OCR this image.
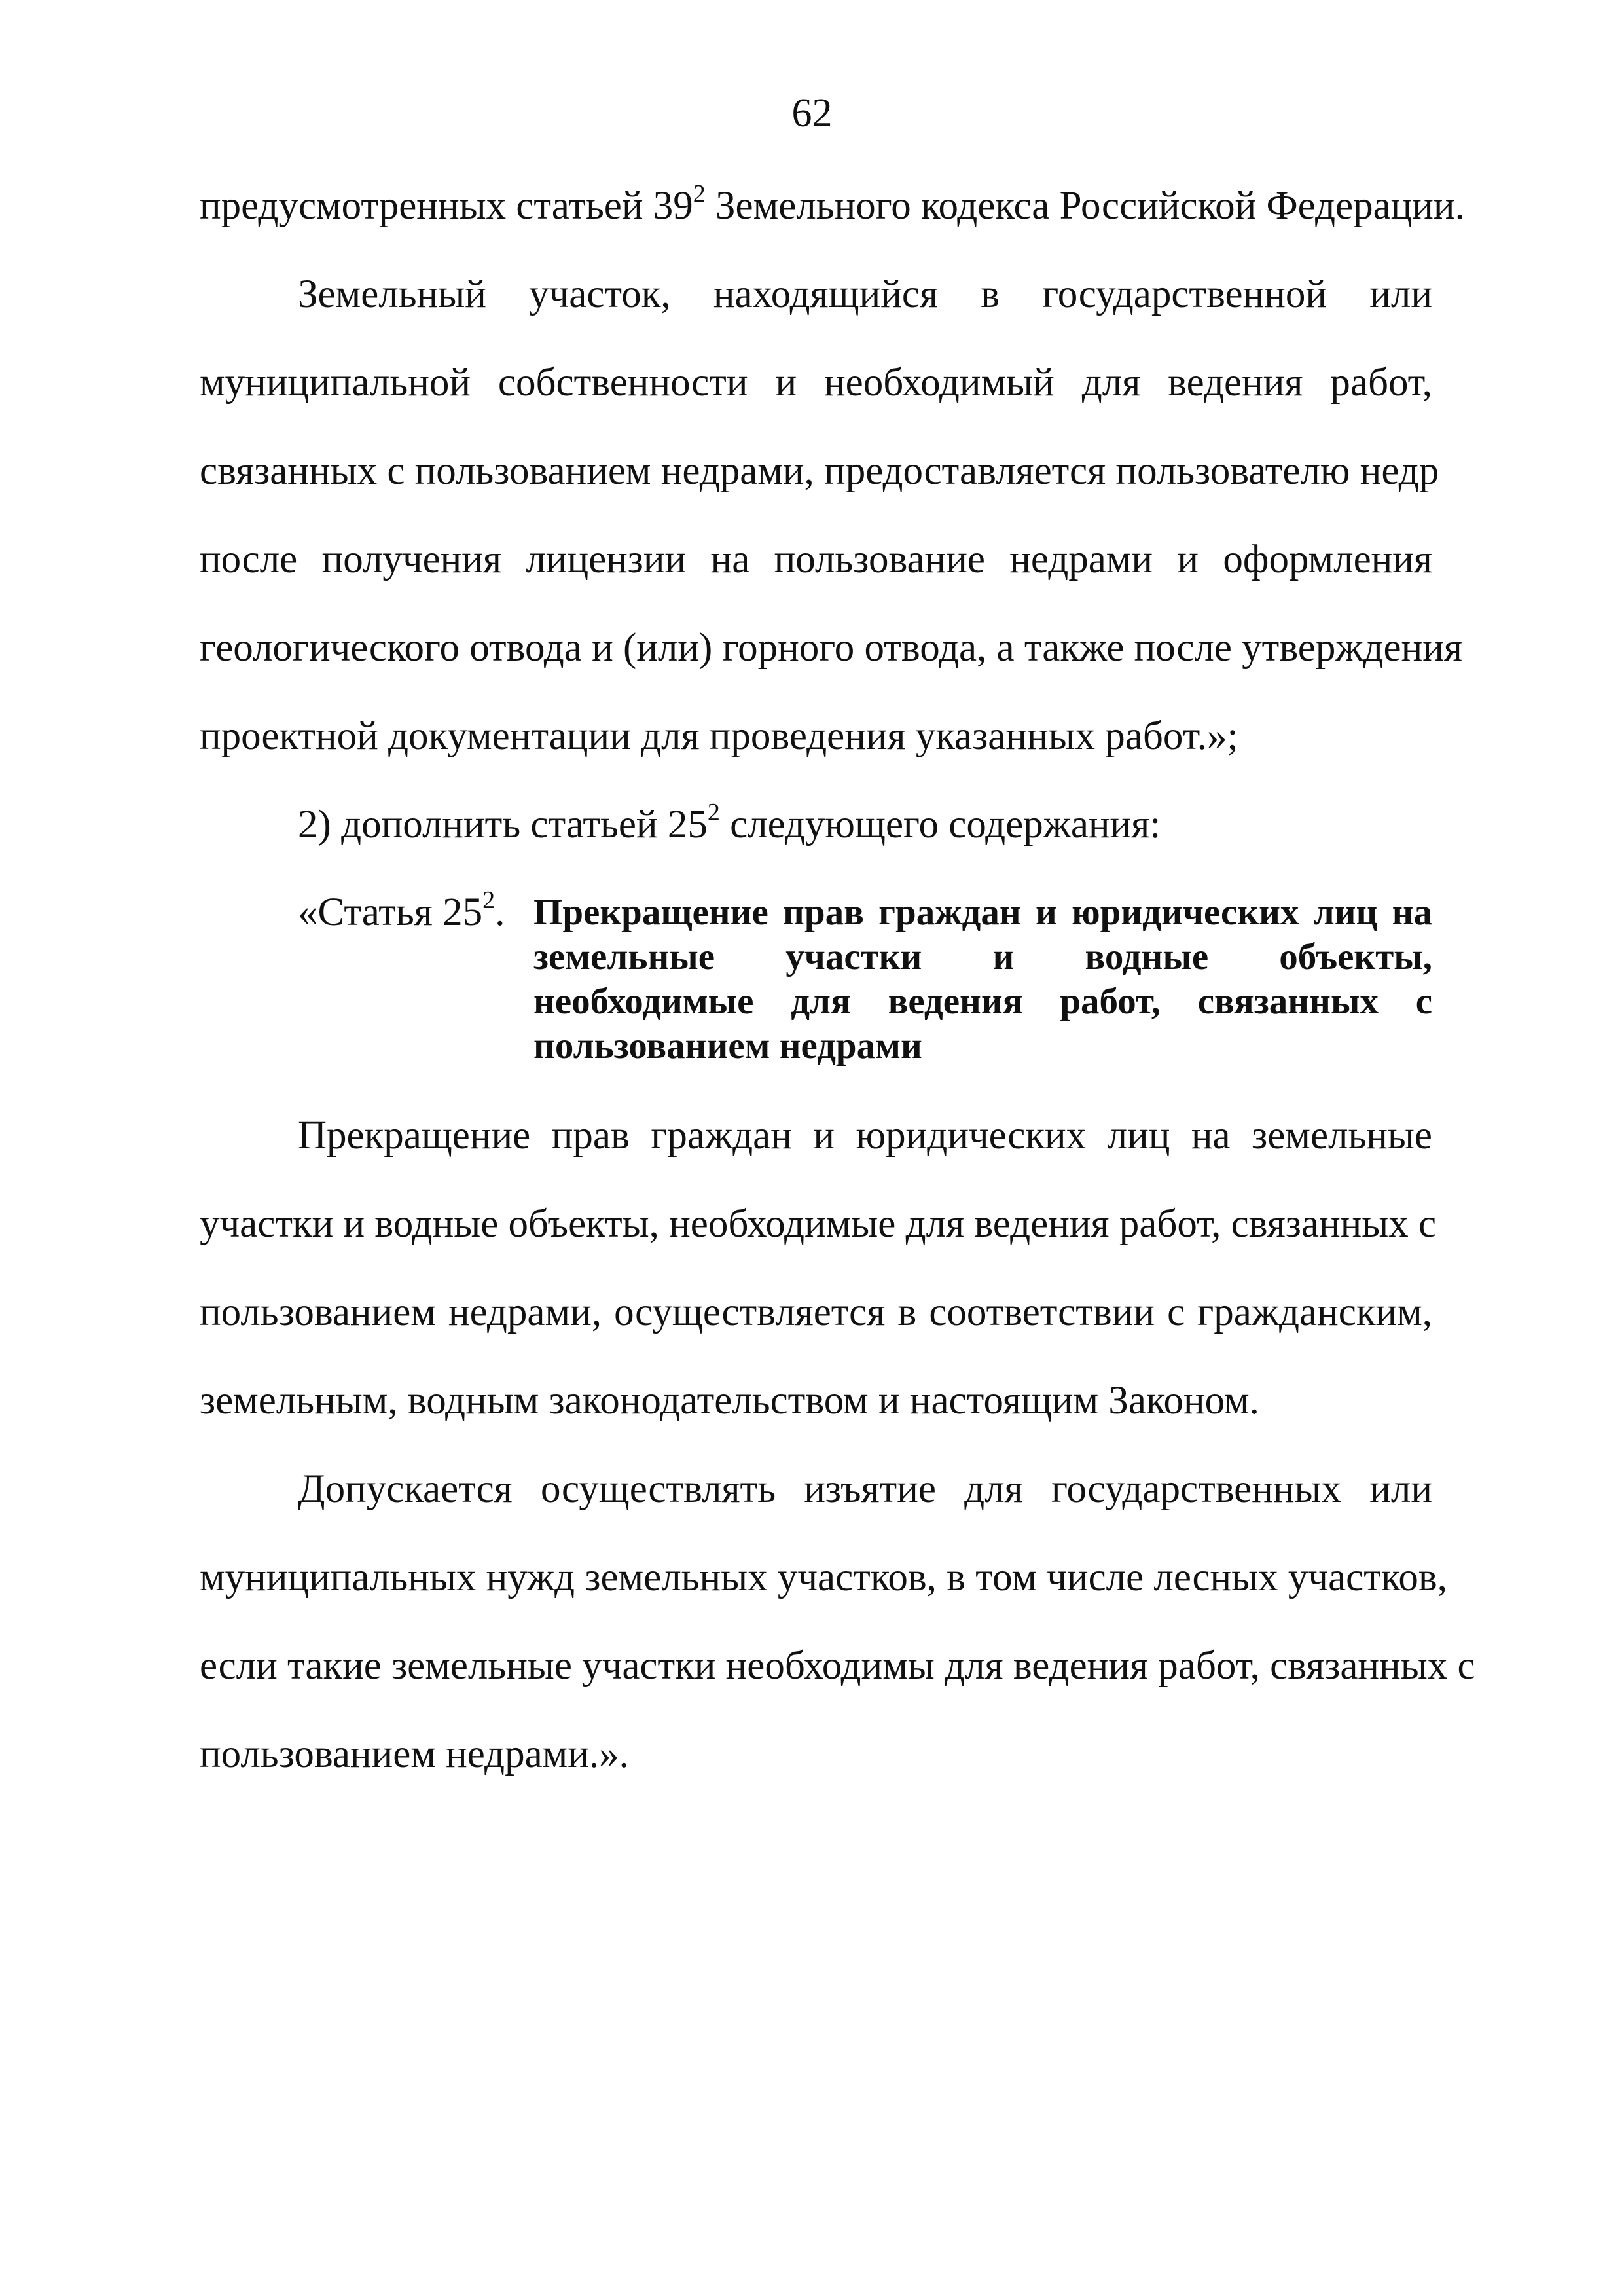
62
предусмотренных статьей $39^2$ Земельного кодекса Российской Федерации.
Земельный участок, находящийся в государственной или
муниципальной собственности и необходимый для ведения работ,
связанных с пользованием недрами, предоставляется пользователю недр
после получения лицензии на пользование недрами и оформления
геологического отвода и (или) горного отвода, а также после утверждения
проектной документации для проведения указанных работ.»;
2) дополнить статьей $25^2$ следующего содержания:
«Статья $25^2$. Прекращение прав граждан и юридических лиц на
земельные участки и водные объекты,
необходимые для ведения работ, связанных с
пользованием недрами
Прекращение прав граждан и юридических лиц на земельные
участки и водные объекты, необходимые для ведения работ, связанных с
пользованием недрами, осуществляется в соответствии с гражданским,
земельным, водным законодательством и настоящим Законом.
Допускается осуществлять изъятие для государственных или
муниципальных нужд земельных участков, в том числе лесных участков,
если такие земельные участки необходимы для ведения работ, связанных с
пользованием недрами.».
